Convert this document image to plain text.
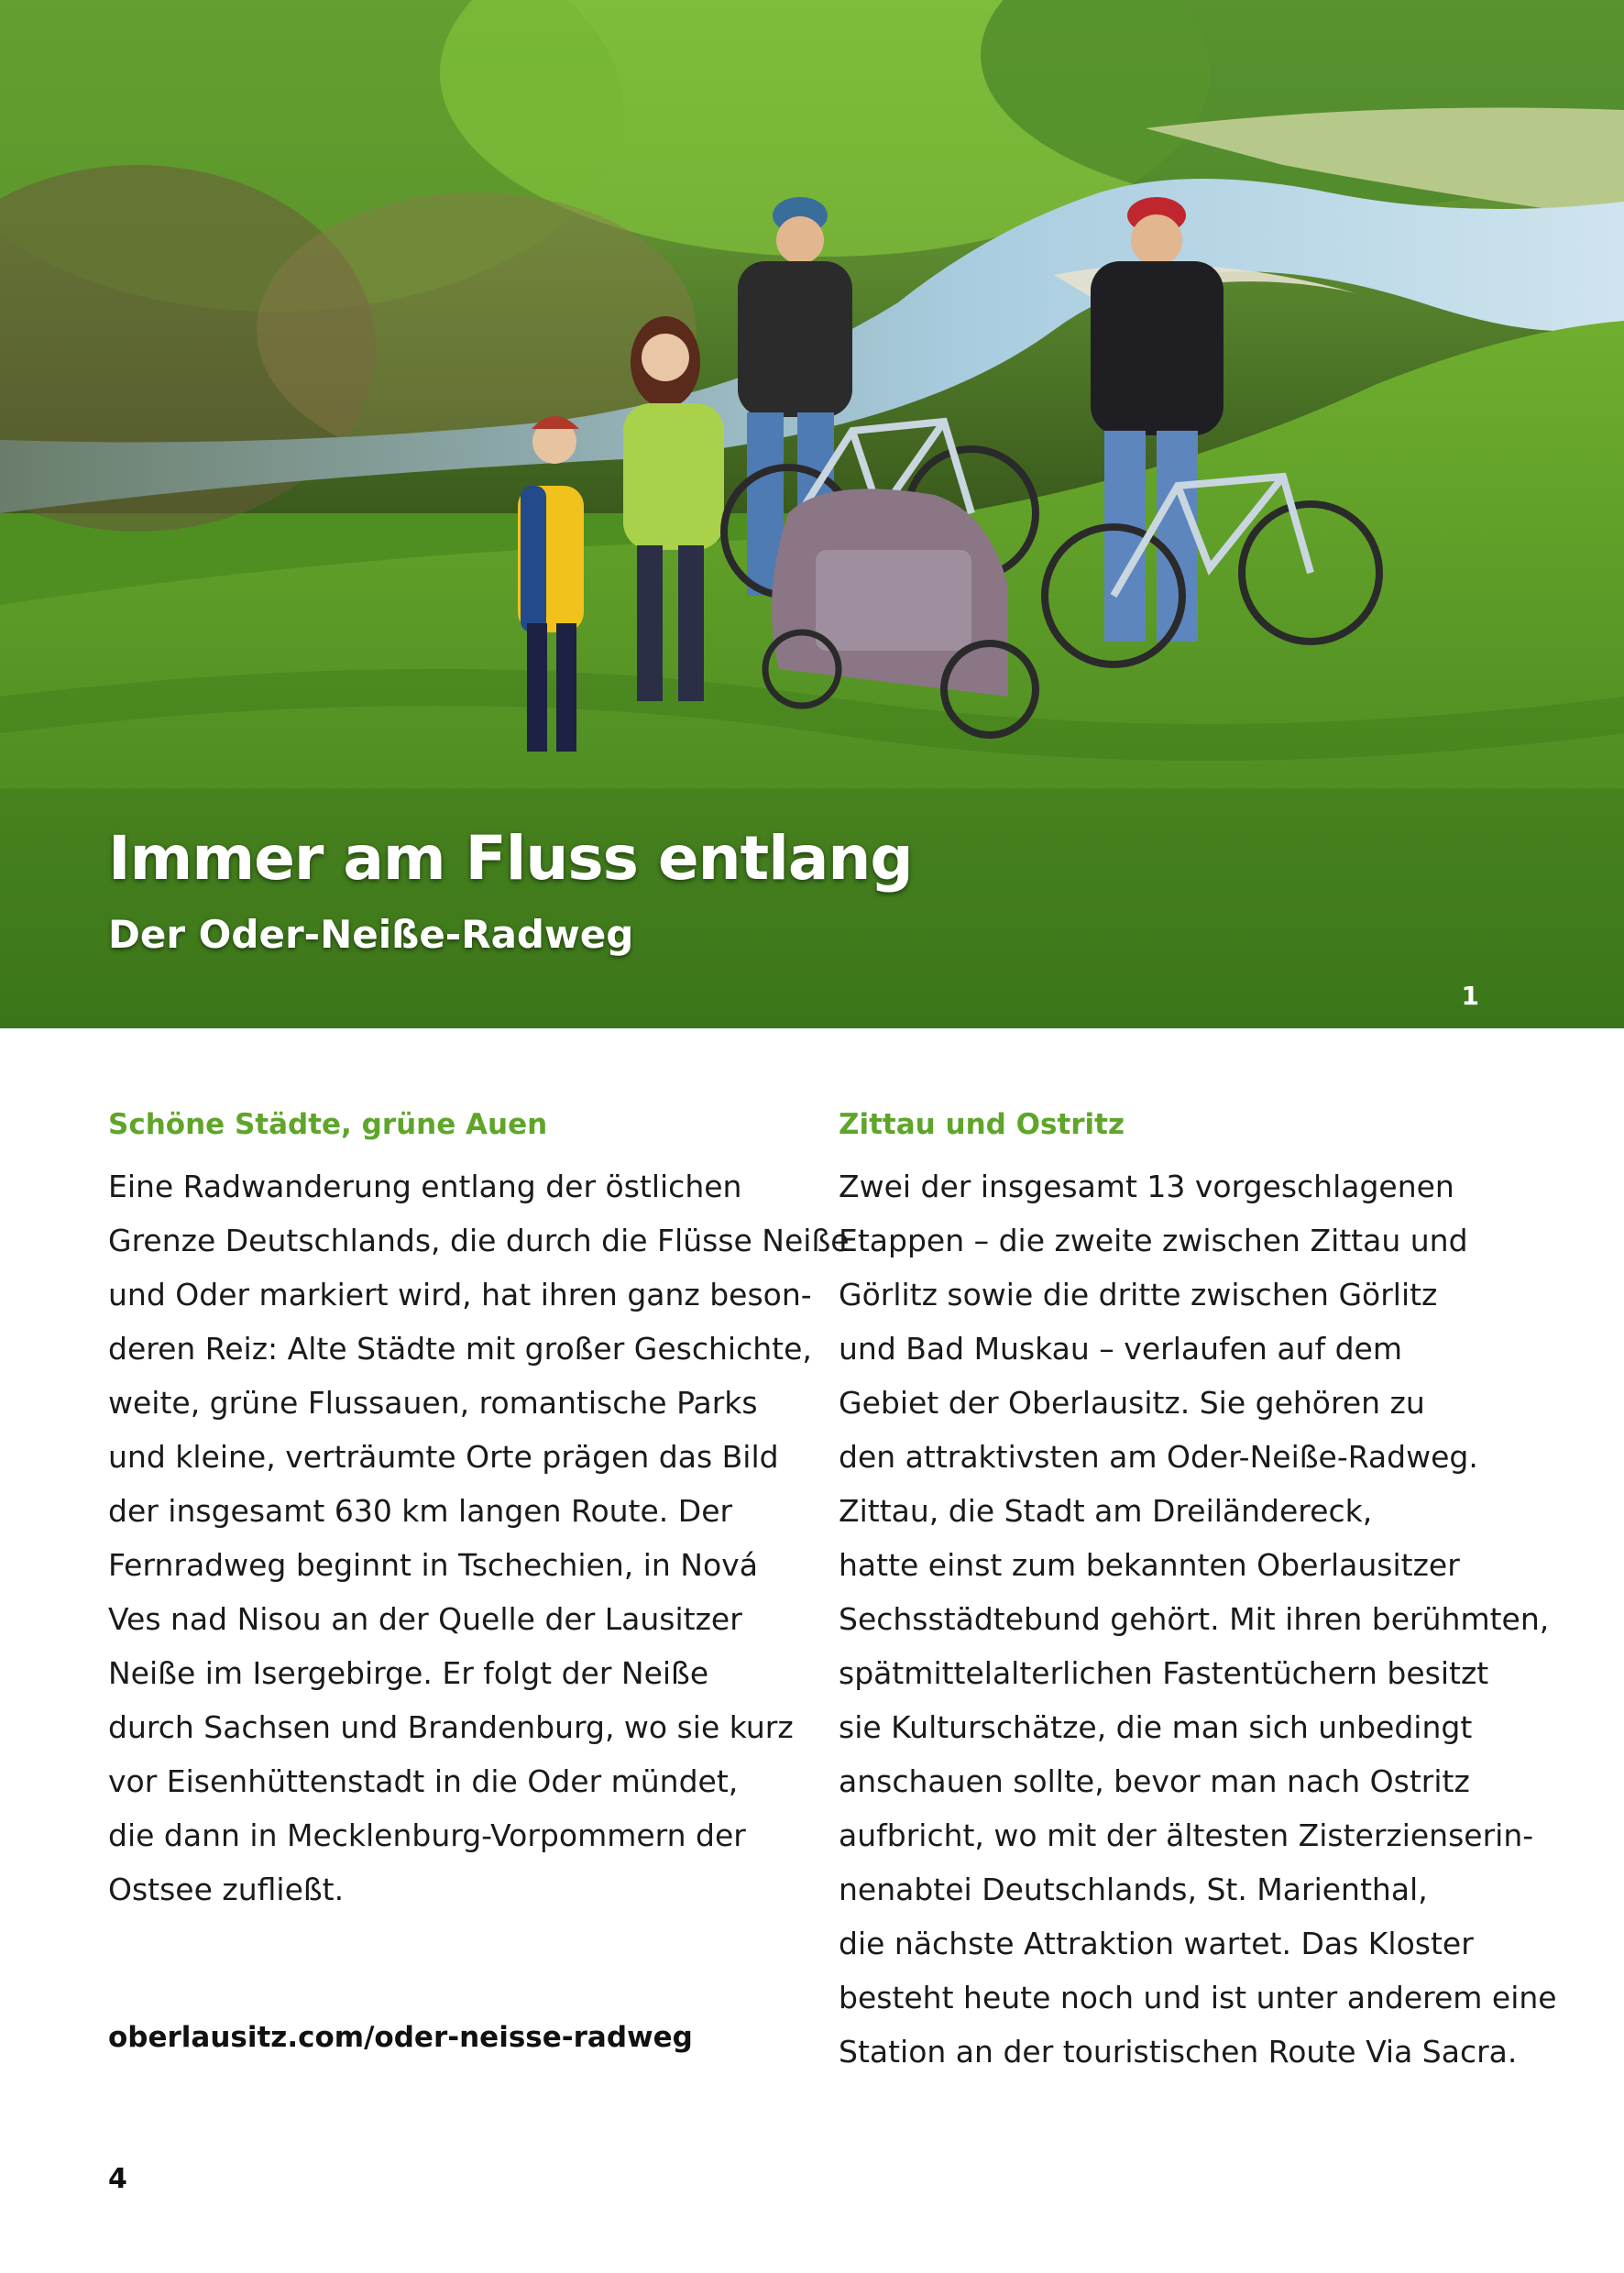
Immer am Fluss entlang
Der Oder-Neiße-Radweg
1
Schöne Städte, grüne Auen

Eine Radwanderung entlang der östlichen
Grenze Deutschlands, die durch die Flüsse Neiße
und Oder markiert wird, hat ihren ganz beson-
deren Reiz: Alte Städte mit großer Geschichte,
weite, grüne Flussauen, romantische Parks
und kleine, verträumte Orte prägen das Bild
der insgesamt 630 km langen Route. Der
Fernradweg beginnt in Tschechien, in Nová
Ves nad Nisou an der Quelle der Lausitzer
Neiße im Isergebirge. Er folgt der Neiße
durch Sachsen und Brandenburg, wo sie kurz
vor Eisenhüttenstadt in die Oder mündet,
die dann in Mecklenburg-Vorpommern der
Ostsee zufließt.

oberlausitz.com/oder-neisse-radweg
Zittau und Ostritz

Zwei der insgesamt 13 vorgeschlagenen
Etappen – die zweite zwischen Zittau und
Görlitz sowie die dritte zwischen Görlitz
und Bad Muskau – verlaufen auf dem
Gebiet der Oberlausitz. Sie gehören zu
den attraktivsten am Oder-Neiße-Radweg.
Zittau, die Stadt am Dreiländereck,
hatte einst zum bekannten Oberlausitzer
Sechsstädtebund gehört. Mit ihren berühmten,
spätmittelalterlichen Fastentüchern besitzt
sie Kulturschätze, die man sich unbedingt
anschauen sollte, bevor man nach Ostritz
aufbricht, wo mit der ältesten Zisterzienserin-
nenabtei Deutschlands, St. Marienthal,
die nächste Attraktion wartet. Das Kloster
besteht heute noch und ist unter anderem eine
Station an der touristischen Route Via Sacra.

4
